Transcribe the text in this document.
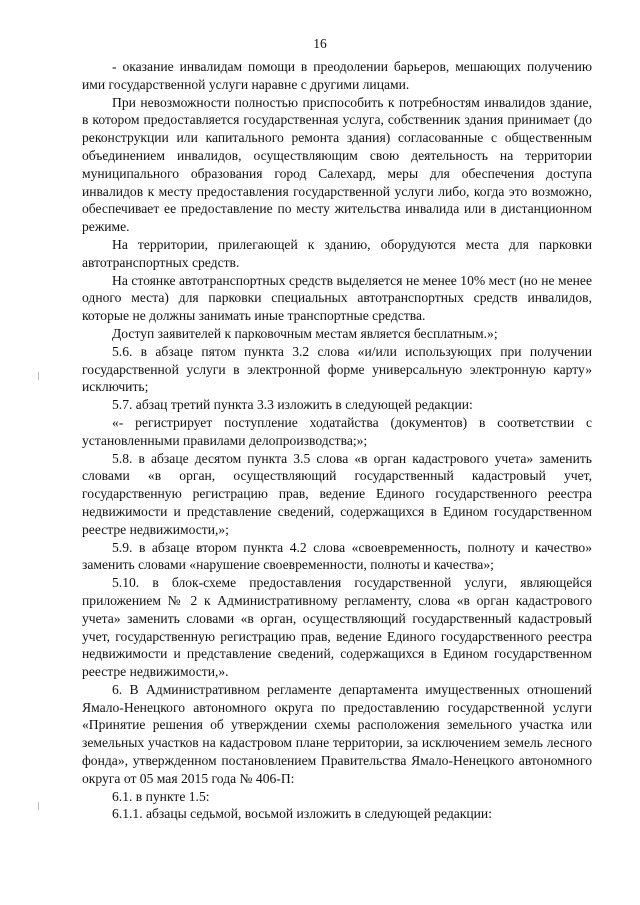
16

- оказание инвалидам помощи в преодолении барьеров, мешающих получению ими государственной услуги наравне с другими лицами.

При невозможности полностью приспособить к потребностям инвалидов здание, в котором предоставляется государственная услуга, собственник здания принимает (до реконструкции или капитального ремонта здания) согласованные с общественным объединением инвалидов, осуществляющим свою деятельность на территории муниципального образования город Салехард, меры для обеспечения доступа инвалидов к месту предоставления государственной услуги либо, когда это возможно, обеспечивает ее предоставление по месту жительства инвалида или в дистанционном режиме.

На территории, прилегающей к зданию, оборудуются места для парковки автотранспортных средств.

На стоянке автотранспортных средств выделяется не менее 10% мест (но не менее одного места) для парковки специальных автотранспортных средств инвалидов, которые не должны занимать иные транспортные средства.

Доступ заявителей к парковочным местам является бесплатным.»;

5.6. в абзаце пятом пункта 3.2 слова «и/или использующих при получении государственной услуги в электронной форме универсальную электронную карту» исключить;

5.7. абзац третий пункта 3.3 изложить в следующей редакции:

«- регистрирует поступление ходатайства (документов) в соответствии с установленными правилами делопроизводства;»;

5.8. в абзаце десятом пункта 3.5 слова «в орган кадастрового учета» заменить словами «в орган, осуществляющий государственный кадастровый учет, государственную регистрацию прав, ведение Единого государственного реестра недвижимости и представление сведений, содержащихся в Едином государственном реестре недвижимости,»;

5.9. в абзаце втором пункта 4.2 слова «своевременность, полноту и качество» заменить словами «нарушение своевременности, полноты и качества»;

5.10. в блок-схеме предоставления государственной услуги, являющейся приложением № 2 к Административному регламенту, слова «в орган кадастрового учета» заменить словами «в орган, осуществляющий государственный кадастровый учет, государственную регистрацию прав, ведение Единого государственного реестра недвижимости и представление сведений, содержащихся в Едином государственном реестре недвижимости,».

6. В Административном регламенте департамента имущественных отношений Ямало-Ненецкого автономного округа по предоставлению государственной услуги «Принятие решения об утверждении схемы расположения земельного участка или земельных участков на кадастровом плане территории, за исключением земель лесного фонда», утвержденном постановлением Правительства Ямало-Ненецкого автономного округа от 05 мая 2015 года № 406-П:

6.1. в пункте 1.5:

6.1.1. абзацы седьмой, восьмой изложить в следующей редакции:
